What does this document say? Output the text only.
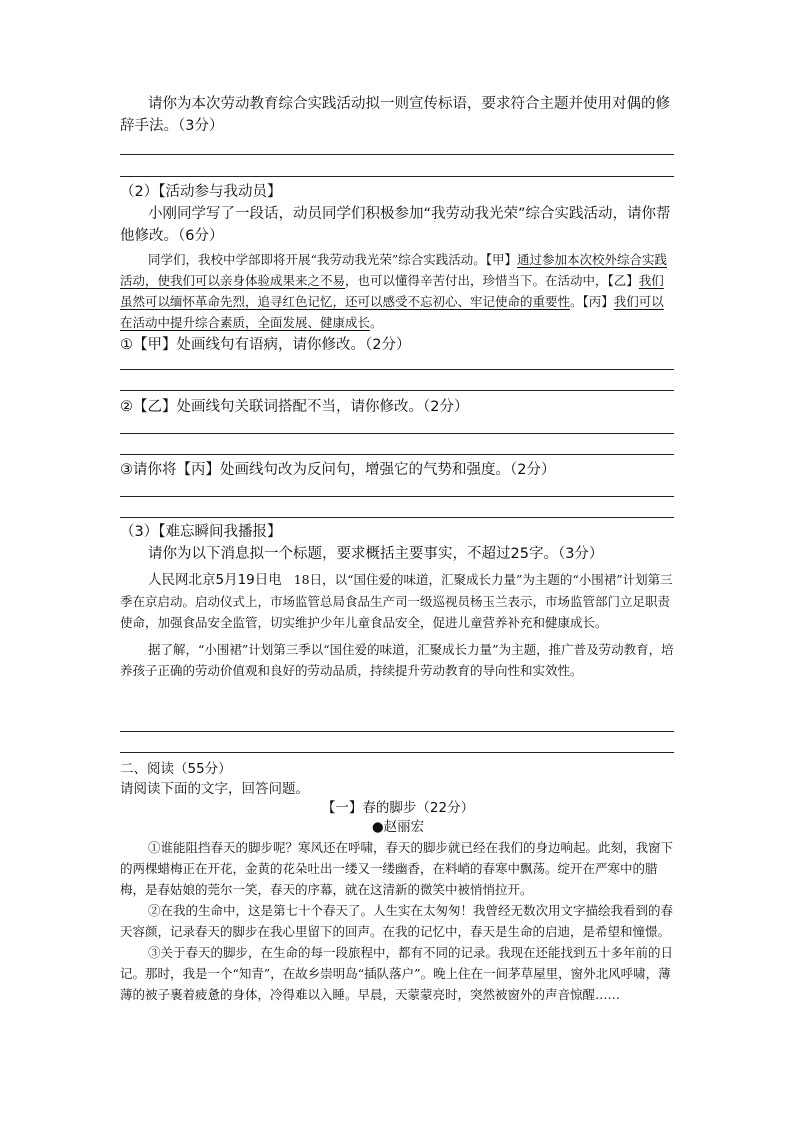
请你为本次劳动教育综合实践活动拟一则宣传标语，要求符合主题并使用对偶的修辞手法。（3分）

（2）【活动参与我动员】

小刚同学写了一段话，动员同学们积极参加“我劳动我光荣”综合实践活动，请你帮他修改。（6分）

同学们，我校中学部即将开展“我劳动我光荣”综合实践活动。【甲】通过参加本次校外综合实践活动，使我们可以亲身体验成果来之不易，也可以懂得辛苦付出，珍惜当下。在活动中，【乙】我们虽然可以缅怀革命先烈，追寻红色记忆，还可以感受不忘初心、牢记使命的重要性。【丙】我们可以在活动中提升综合素质，全面发展、健康成长。

①【甲】处画线句有语病，请你修改。（2分）

②【乙】处画线句关联词搭配不当，请你修改。（2分）

③请你将【丙】处画线句改为反问句，增强它的气势和强度。（2分）

（3）【难忘瞬间我播报】

请你为以下消息拟一个标题，要求概括主要事实，不超过25字。（3分）

人民网北京5月19日电 18日，以“国住爱的味道，汇聚成长力量”为主题的“小围裙”计划第三季在京启动。启动仪式上，市场监管总局食品生产司一级巡视员杨玉兰表示，市场监管部门立足职责使命，加强食品安全监管，切实维护少年儿童食品安全，促进儿童营养补充和健康成长。

据了解，“小围裙”计划第三季以“国住爱的味道，汇聚成长力量”为主题，推广普及劳动教育，培养孩子正确的劳动价值观和良好的劳动品质，持续提升劳动教育的导向性和实效性。

二、阅读（55分）

请阅读下面的文字，回答问题。

【一】春的脚步（22分）

●赵丽宏

①谁能阻挡春天的脚步呢？寒风还在呼啸，春天的脚步就已经在我们的身边响起。此刻，我窗下的两棵蜡梅正在开花，金黄的花朵吐出一缕又一缕幽香，在料峭的春寒中飘荡。绽开在严寒中的腊梅，是春姑娘的莞尔一笑，春天的序幕，就在这清新的微笑中被悄悄拉开。

②在我的生命中，这是第七十个春天了。人生实在太匆匆！我曾经无数次用文字描绘我看到的春天容颜，记录春天的脚步在我心里留下的回声。在我的记忆中，春天是生命的启迪，是希望和憧憬。

③关于春天的脚步，在生命的每一段旅程中，都有不同的记录。我现在还能找到五十多年前的日记。那时，我是一个“知青”，在故乡崇明岛“插队落户”。晚上住在一间茅草屋里，窗外北风呼啸，薄薄的被子裹着疲惫的身体，冷得难以入睡。早晨，天蒙蒙亮时，突然被窗外的声音惊醒……
